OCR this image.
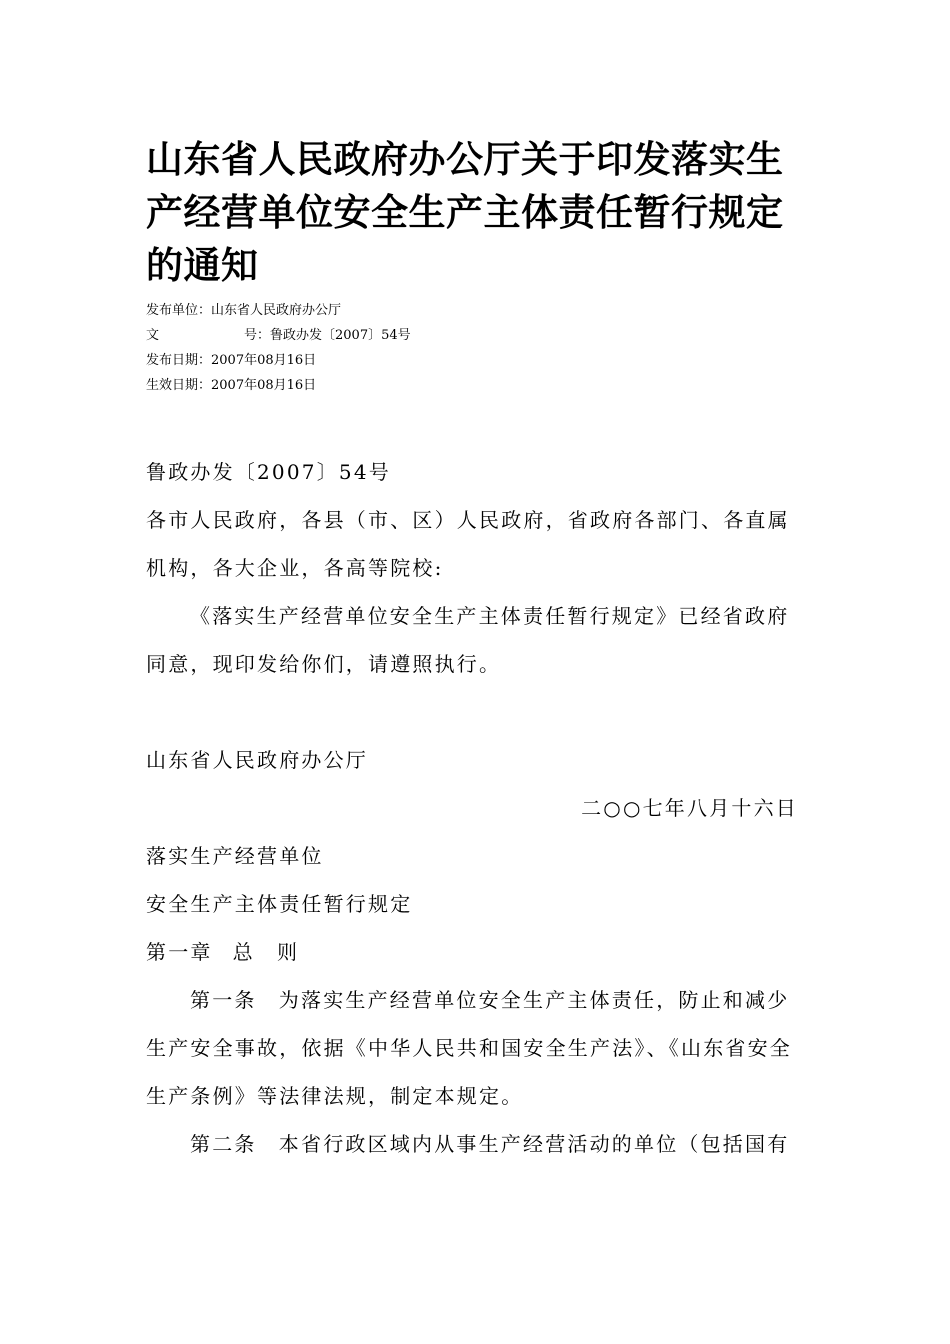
山东省人民政府办公厅关于印发落实生产经营单位安全生产主体责任暂行规定的通知
发布单位：山东省人民政府办公厅
文	号：鲁政办发〔2007〕54号
发布日期：2007年08月16日
生效日期：2007年08月16日
鲁政办发〔2007〕54号
各市人民政府，各县（市、区）人民政府，省政府各部门、各直属机构，各大企业，各高等院校:
《落实生产经营单位安全生产主体责任暂行规定》已经省政府同意，现印发给你们，请遵照执行。
山东省人民政府办公厅
二○○七年八月十六日
落实生产经营单位
安全生产主体责任暂行规定
第一章 总　则
第一条　为落实生产经营单位安全生产主体责任，防止和减少生产安全事故，依据《中华人民共和国安全生产法》、《山东省安全生产条例》等法律法规，制定本规定。
第二条　本省行政区域内从事生产经营活动的单位（包括国有
